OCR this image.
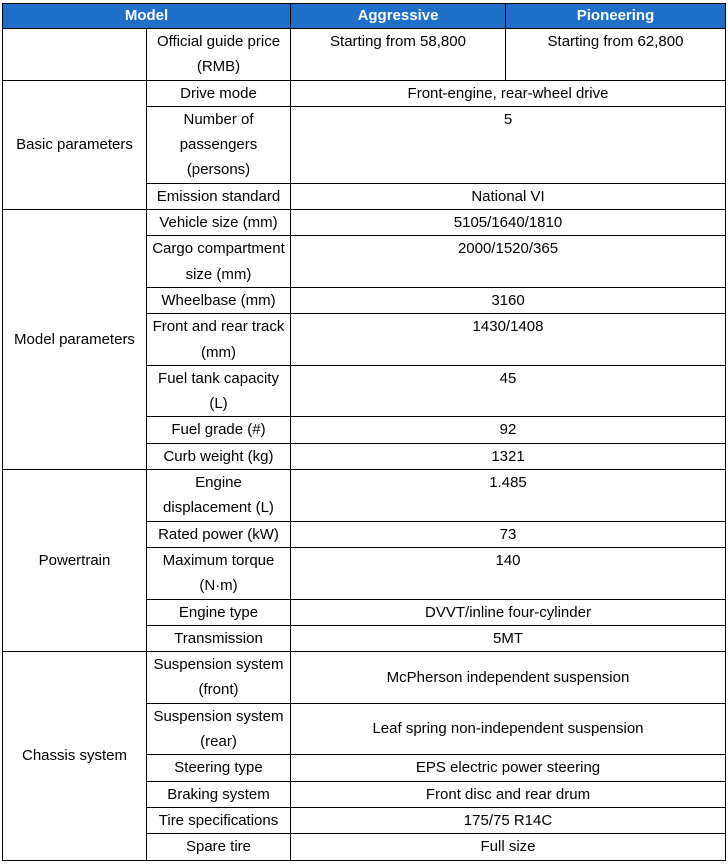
Model		Aggressive	Pioneering
	Official guide price (RMB)	Starting from 58,800	Starting from 62,800
Basic parameters	Drive mode	Front-engine, rear-wheel drive	
	Number of passengers (persons)	5	
	Emission standard	National VI	
Model parameters	Vehicle size (mm)	5105/1640/1810	
	Cargo compartment size (mm)	2000/1520/365	
	Wheelbase (mm)	3160	
	Front and rear track (mm)	1430/1408	
	Fuel tank capacity (L)	45	
	Fuel grade (#)	92	
	Curb weight (kg)	1321	
Powertrain	Engine displacement (L)	1.485	
	Rated power (kW)	73	
	Maximum torque (N·m)	140	
	Engine type	DVVT/inline four-cylinder	
	Transmission	5MT	
Chassis system	Suspension system (front)	McPherson independent suspension	
	Suspension system (rear)	Leaf spring non-independent suspension	
	Steering type	EPS electric power steering	
	Braking system	Front disc and rear drum	
	Tire specifications	175/75 R14C	
	Spare tire	Full size	
